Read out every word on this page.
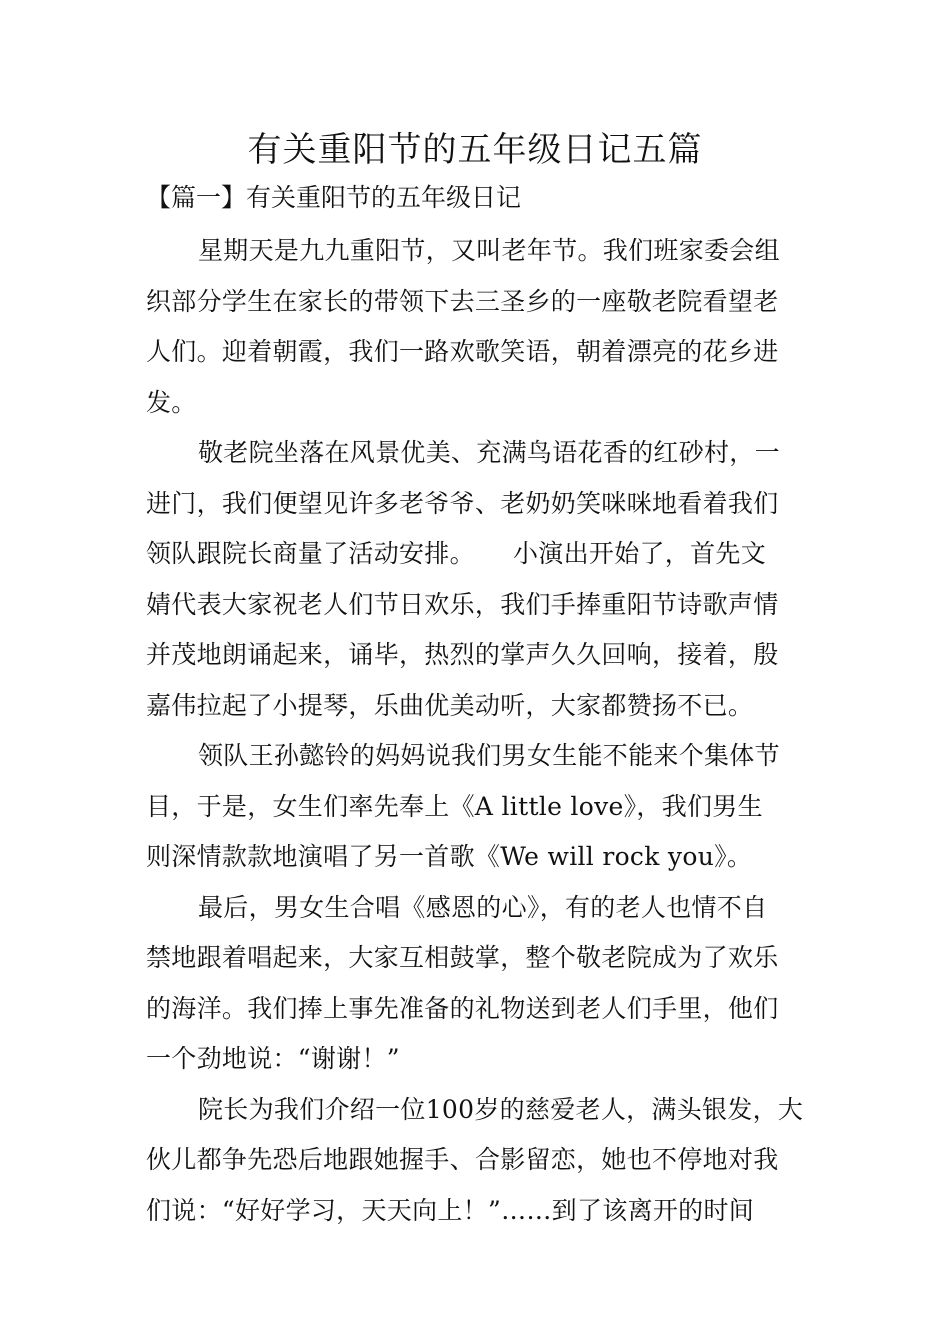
有关重阳节的五年级日记五篇
【篇一】有关重阳节的五年级日记
星期天是九九重阳节，又叫老年节。我们班家委会组
织部分学生在家长的带领下去三圣乡的一座敬老院看望老
人们。迎着朝霞，我们一路欢歌笑语，朝着漂亮的花乡进
发。
敬老院坐落在风景优美、充满鸟语花香的红砂村，一
进门，我们便望见许多老爷爷、老奶奶笑咪咪地看着我们
领队跟院长商量了活动安排。　　小演出开始了，首先文
婧代表大家祝老人们节日欢乐，我们手捧重阳节诗歌声情
并茂地朗诵起来，诵毕，热烈的掌声久久回响，接着，殷
嘉伟拉起了小提琴，乐曲优美动听，大家都赞扬不已。
领队王孙懿铃的妈妈说我们男女生能不能来个集体节
目，于是，女生们率先奉上《A little love》，我们男生
则深情款款地演唱了另一首歌《We will rock you》。
最后，男女生合唱《感恩的心》，有的老人也情不自
禁地跟着唱起来，大家互相鼓掌，整个敬老院成为了欢乐
的海洋。我们捧上事先准备的礼物送到老人们手里，他们
一个劲地说：“谢谢！”
院长为我们介绍一位100岁的慈爱老人，满头银发，大
伙儿都争先恐后地跟她握手、合影留恋，她也不停地对我
们说：“好好学习，天天向上！”……到了该离开的时间
